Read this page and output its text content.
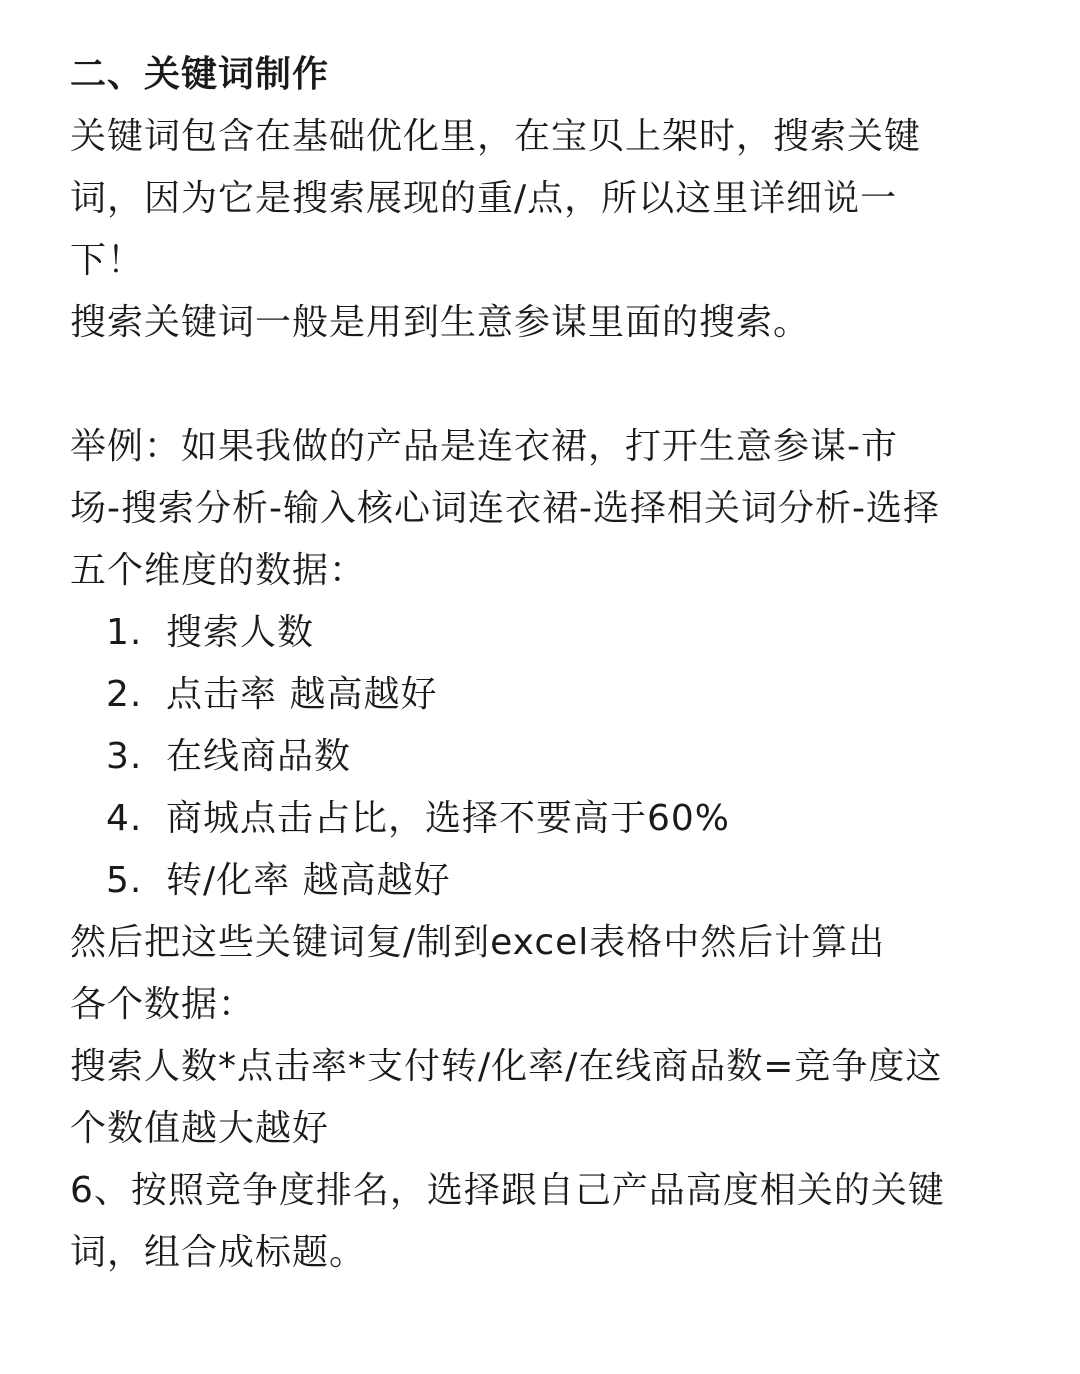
二、关键词制作

关键词包含在基础优化里，在宝贝上架时，搜索关键

词，因为它是搜索展现的重/点，所以这里详细说一

下！

搜索关键词一般是用到生意参谋里面的搜索。

举例：如果我做的产品是连衣裙，打开生意参谋-市

场-搜索分析-输入核心词连衣裙-选择相关词分析-选择

五个维度的数据：

1. 搜索人数
2. 点击率 越高越好
3. 在线商品数
4. 商城点击占比，选择不要高于60%
5. 转/化率 越高越好

然后把这些关键词复/制到excel表格中然后计算出

各个数据：

搜索人数*点击率*支付转/化率/在线商品数=竞争度这

个数值越大越好

6、按照竞争度排名，选择跟自己产品高度相关的关键

词，组合成标题。
